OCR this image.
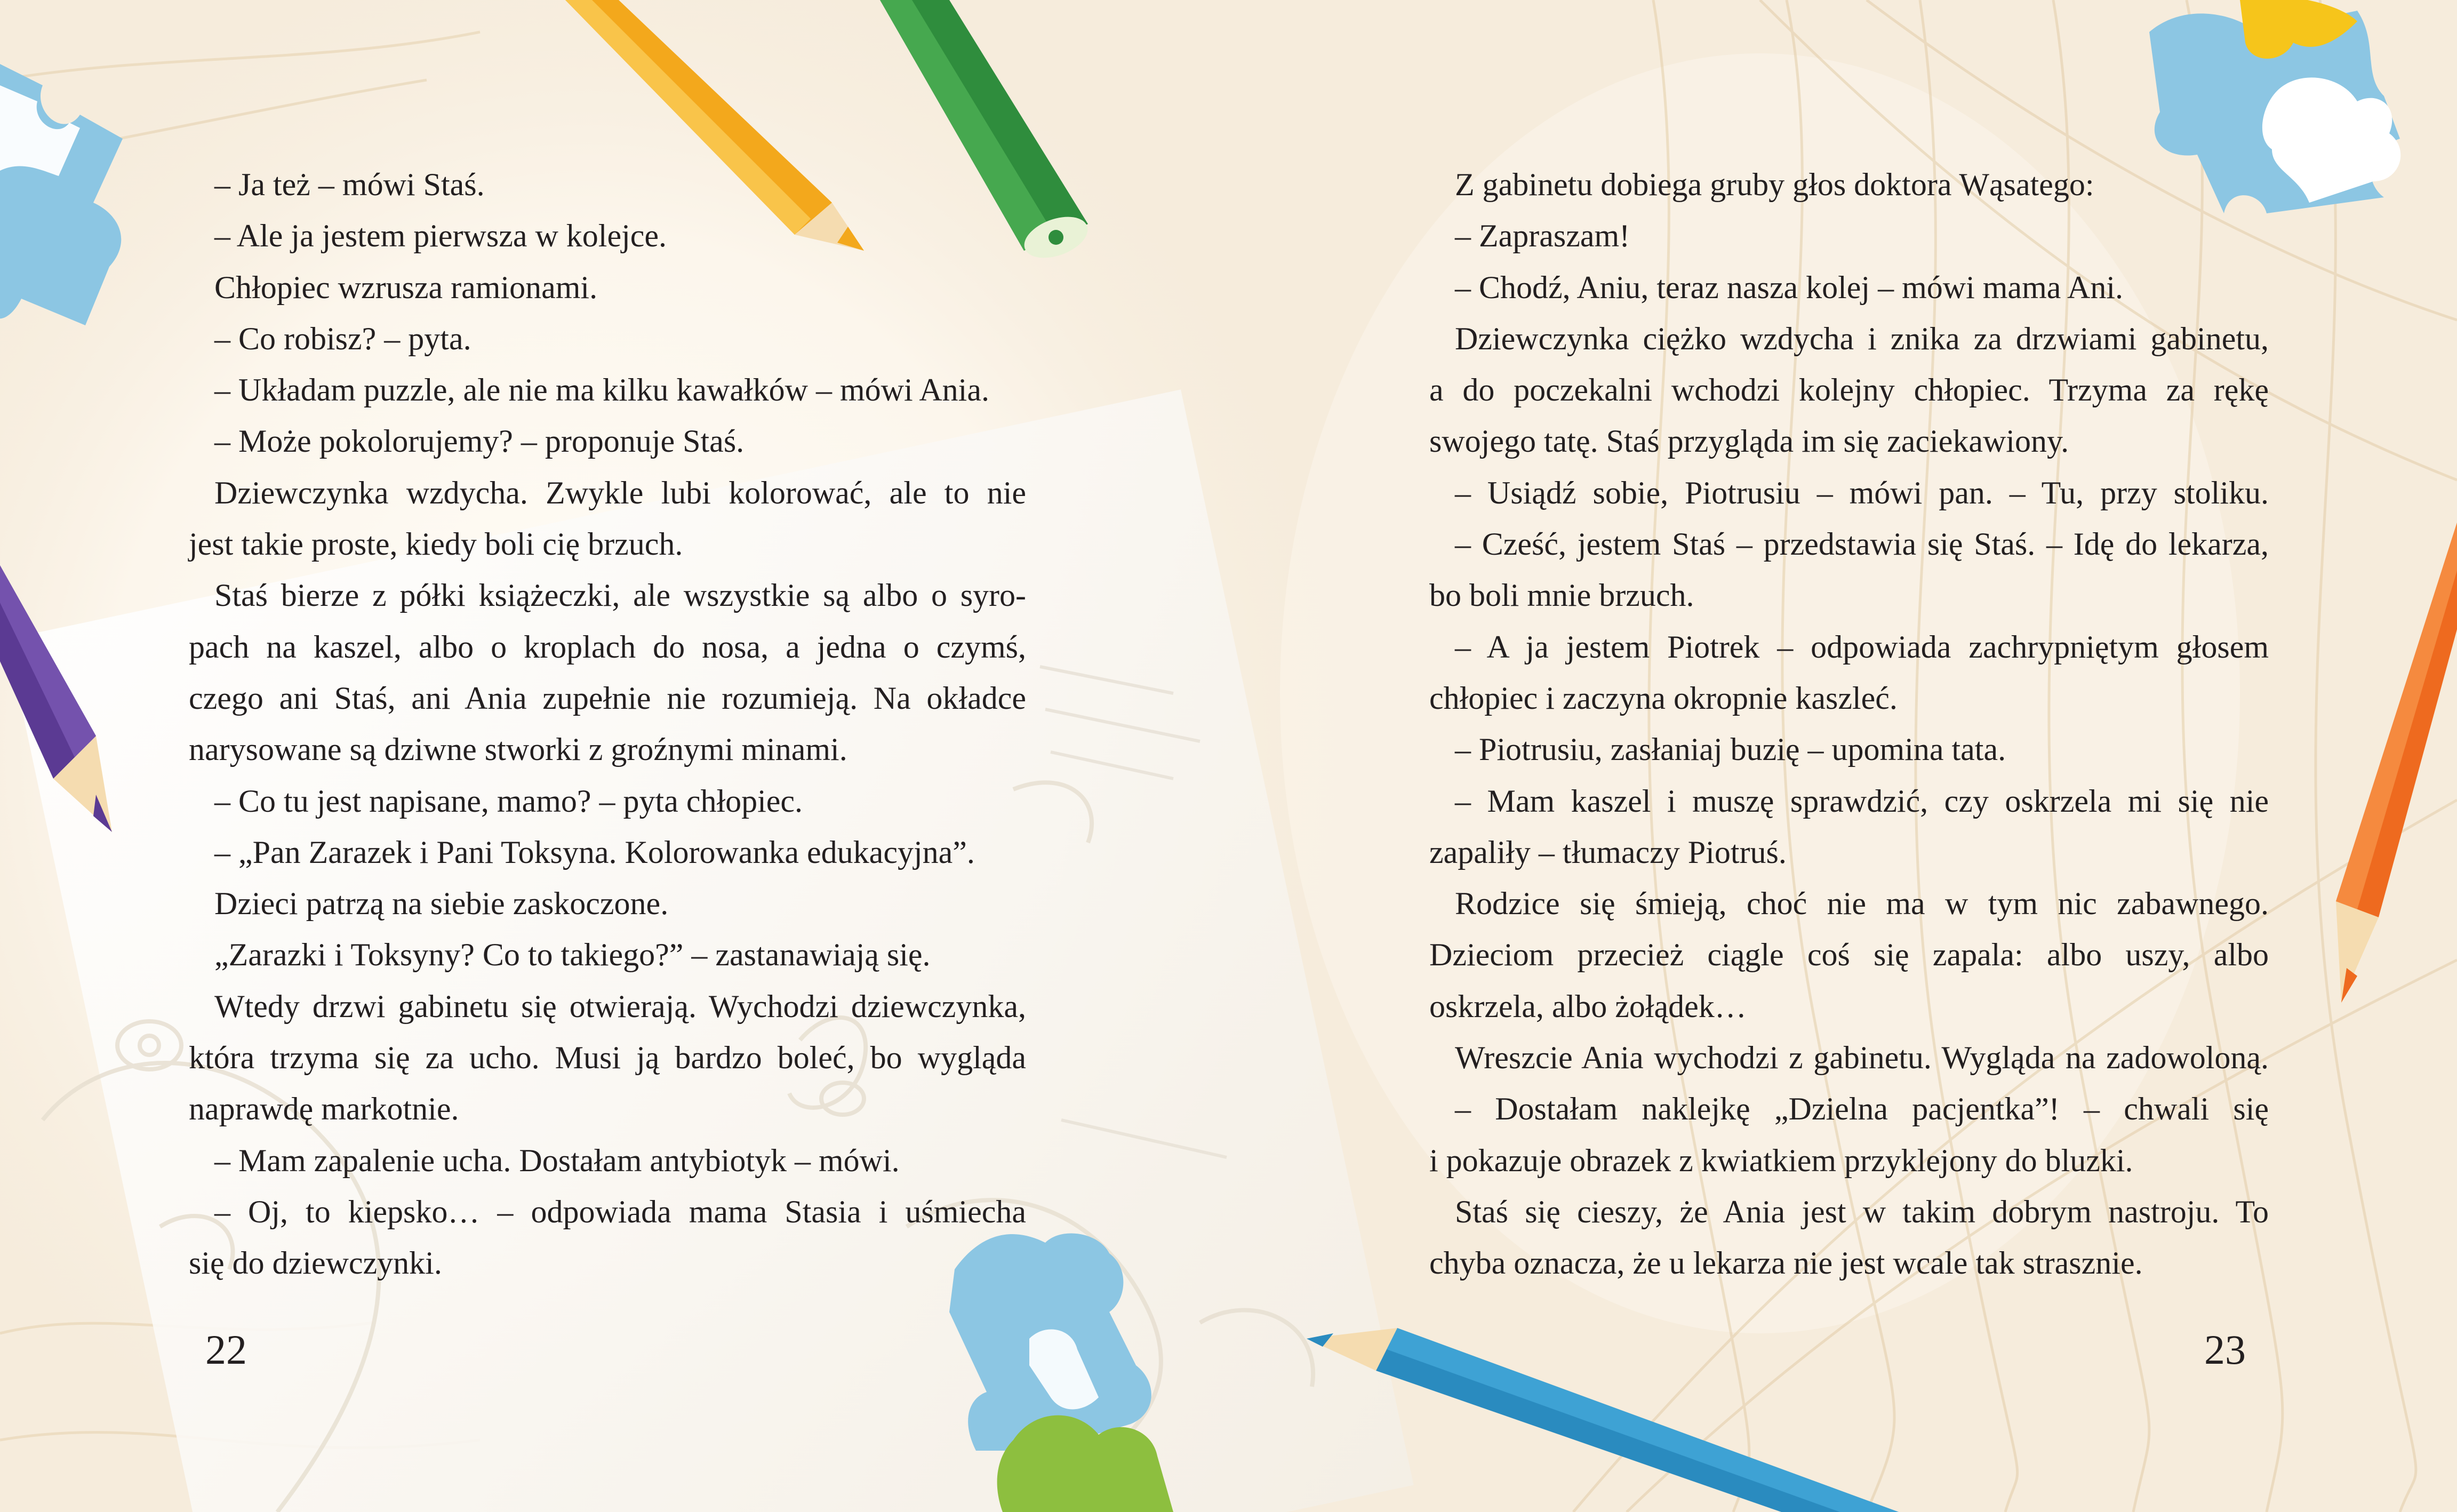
– Ja też – mówi Staś.
– Ale ja jestem pierwsza w kolejce.
Chłopiec wzrusza ramionami.
– Co robisz? – pyta.
– Układam puzzle, ale nie ma kilku kawałków – mówi Ania.
– Może pokolorujemy? – proponuje Staś.
Dziewczynka wzdycha. Zwykle lubi kolorować, ale to nie
jest takie proste, kiedy boli cię brzuch.
Staś bierze z półki książeczki, ale wszystkie są albo o syro-
pach na kaszel, albo o kroplach do nosa, a jedna o czymś,
czego ani Staś, ani Ania zupełnie nie rozumieją. Na okładce
narysowane są dziwne stworki z groźnymi minami.
– Co tu jest napisane, mamo? – pyta chłopiec.
– „Pan Zarazek i Pani Toksyna. Kolorowanka edukacyjna”.
Dzieci patrzą na siebie zaskoczone.
„Zarazki i Toksyny? Co to takiego?” – zastanawiają się.
Wtedy drzwi gabinetu się otwierają. Wychodzi dziewczynka,
która trzyma się za ucho. Musi ją bardzo boleć, bo wygląda
naprawdę markotnie.
– Mam zapalenie ucha. Dostałam antybiotyk – mówi.
– Oj, to kiepsko… – odpowiada mama Stasia i uśmiecha
się do dziewczynki.
Z gabinetu dobiega gruby głos doktora Wąsatego:
– Zapraszam!
– Chodź, Aniu, teraz nasza kolej – mówi mama Ani.
Dziewczynka ciężko wzdycha i znika za drzwiami gabinetu,
a do poczekalni wchodzi kolejny chłopiec. Trzyma za rękę
swojego tatę. Staś przygląda im się zaciekawiony.
– Usiądź sobie, Piotrusiu – mówi pan. – Tu, przy stoliku.
– Cześć, jestem Staś – przedstawia się Staś. – Idę do lekarza,
bo boli mnie brzuch.
– A ja jestem Piotrek – odpowiada zachrypniętym głosem
chłopiec i zaczyna okropnie kaszleć.
– Piotrusiu, zasłaniaj buzię – upomina tata.
– Mam kaszel i muszę sprawdzić, czy oskrzela mi się nie
zapaliły – tłumaczy Piotruś.
Rodzice się śmieją, choć nie ma w tym nic zabawnego.
Dzieciom przecież ciągle coś się zapala: albo uszy, albo
oskrzela, albo żołądek…
Wreszcie Ania wychodzi z gabinetu. Wygląda na zadowoloną.
– Dostałam naklejkę „Dzielna pacjentka”! – chwali się
i pokazuje obrazek z kwiatkiem przyklejony do bluzki.
Staś się cieszy, że Ania jest w takim dobrym nastroju. To
chyba oznacza, że u lekarza nie jest wcale tak strasznie.
22	23
